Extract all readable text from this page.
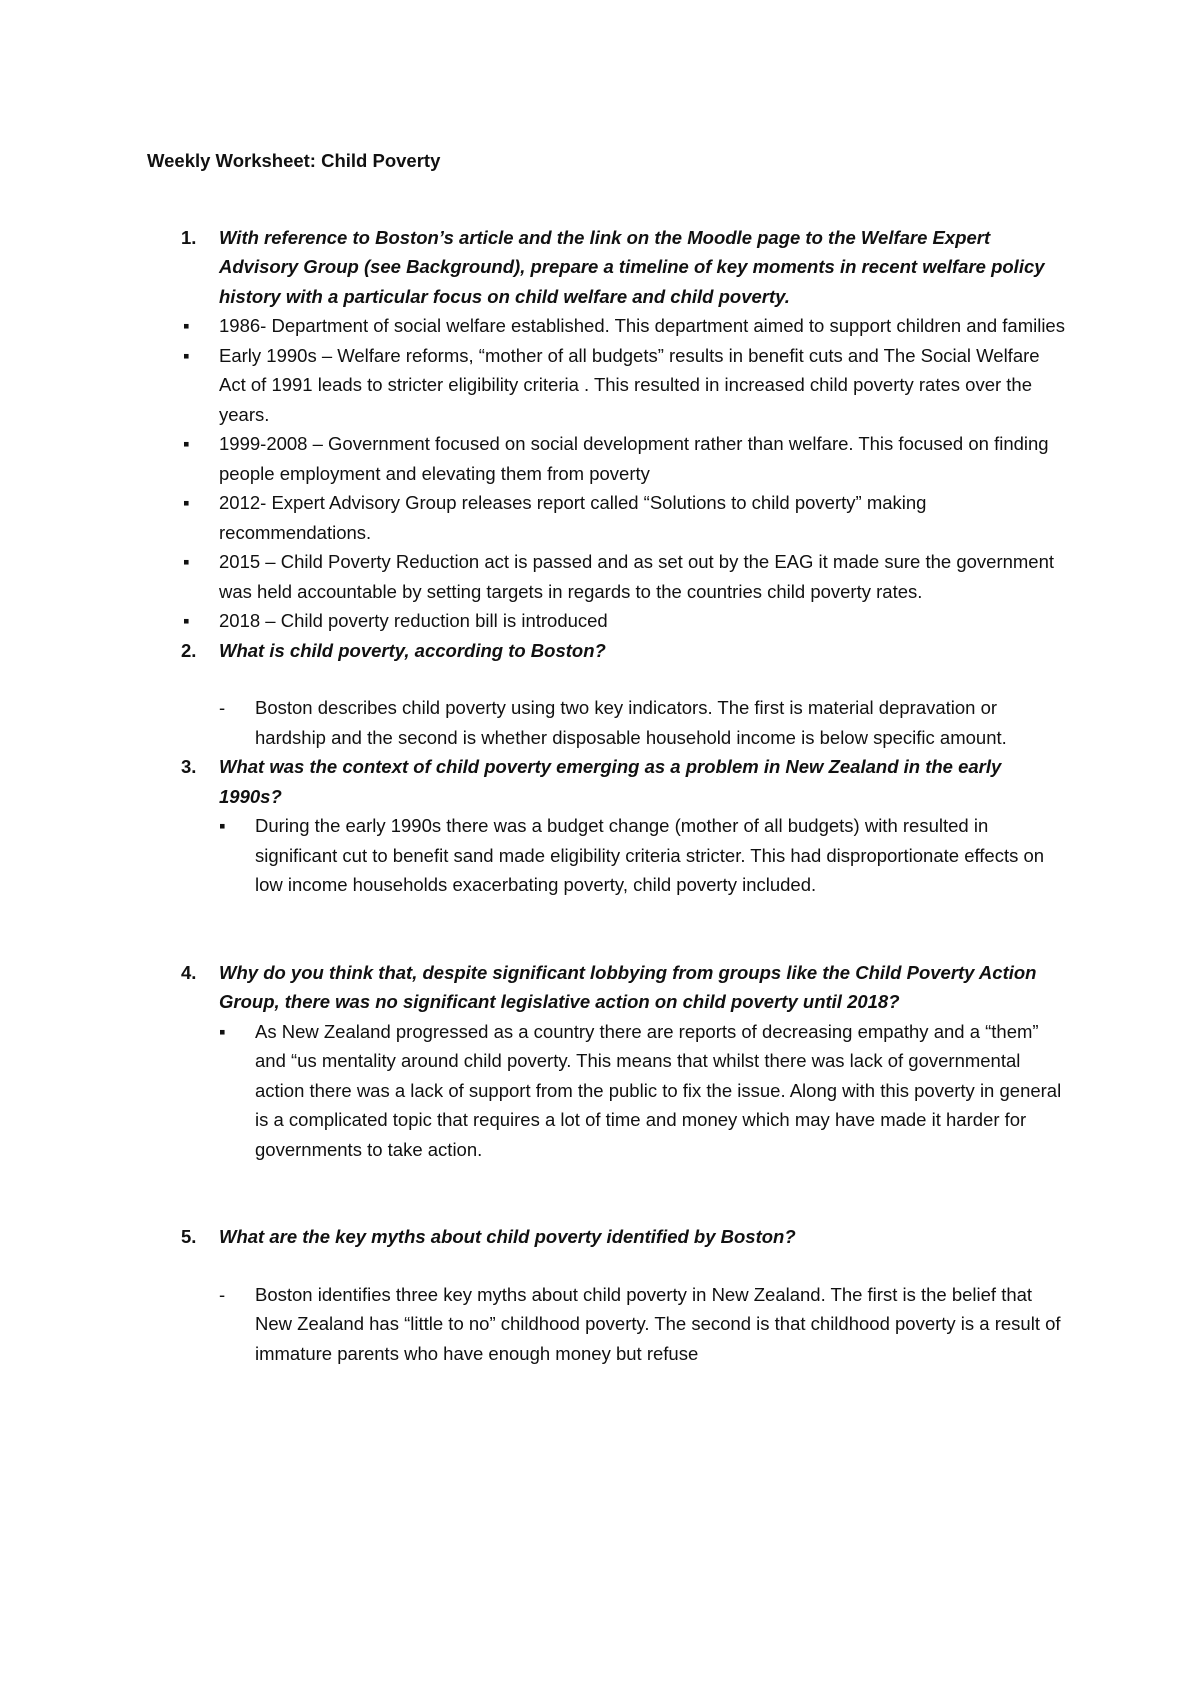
Weekly Worksheet: Child Poverty

1. With reference to Boston’s article and the link on the Moodle page to the Welfare Expert Advisory Group (see Background), prepare a timeline of key moments in recent welfare policy history with a particular focus on child welfare and child poverty.

▪ 1986- Department of social welfare established. This department aimed to support children and families
▪ Early 1990s – Welfare reforms, “mother of all budgets” results in benefit cuts and The Social Welfare Act of 1991 leads to stricter eligibility criteria . This resulted in increased child poverty rates over the years.
▪ 1999-2008 – Government focused on social development rather than welfare. This focused on finding people employment and elevating them from poverty
▪ 2012- Expert Advisory Group releases report called “Solutions to child poverty” making recommendations.
▪ 2015 – Child Poverty Reduction act is passed and as set out by the EAG it made sure the government was held accountable by setting targets in regards to the countries child poverty rates.
▪ 2018 – Child poverty reduction bill is introduced

2. What is child poverty, according to Boston?

- Boston describes child poverty using two key indicators. The first is material depravation or hardship and the second is whether disposable household income is below specific amount.

3. What was the context of child poverty emerging as a problem in New Zealand in the early 1990s?

▪ During the early 1990s there was a budget change (mother of all budgets) with resulted in significant cut to benefit sand made eligibility criteria stricter. This had disproportionate effects on low income households exacerbating poverty, child poverty included.

4. Why do you think that, despite significant lobbying from groups like the Child Poverty Action Group, there was no significant legislative action on child poverty until 2018?

▪ As New Zealand progressed as a country there are reports of decreasing empathy and a “them” and “us mentality around child poverty. This means that whilst there was lack of governmental action there was a lack of support from the public to fix the issue. Along with this poverty in general is a complicated topic that requires a lot of time and money which may have made it harder for governments to take action.

5. What are the key myths about child poverty identified by Boston?

- Boston identifies three key myths about child poverty in New Zealand. The first is the belief that New Zealand has “little to no” childhood poverty. The second is that childhood poverty is a result of immature parents who have enough money but refuse
